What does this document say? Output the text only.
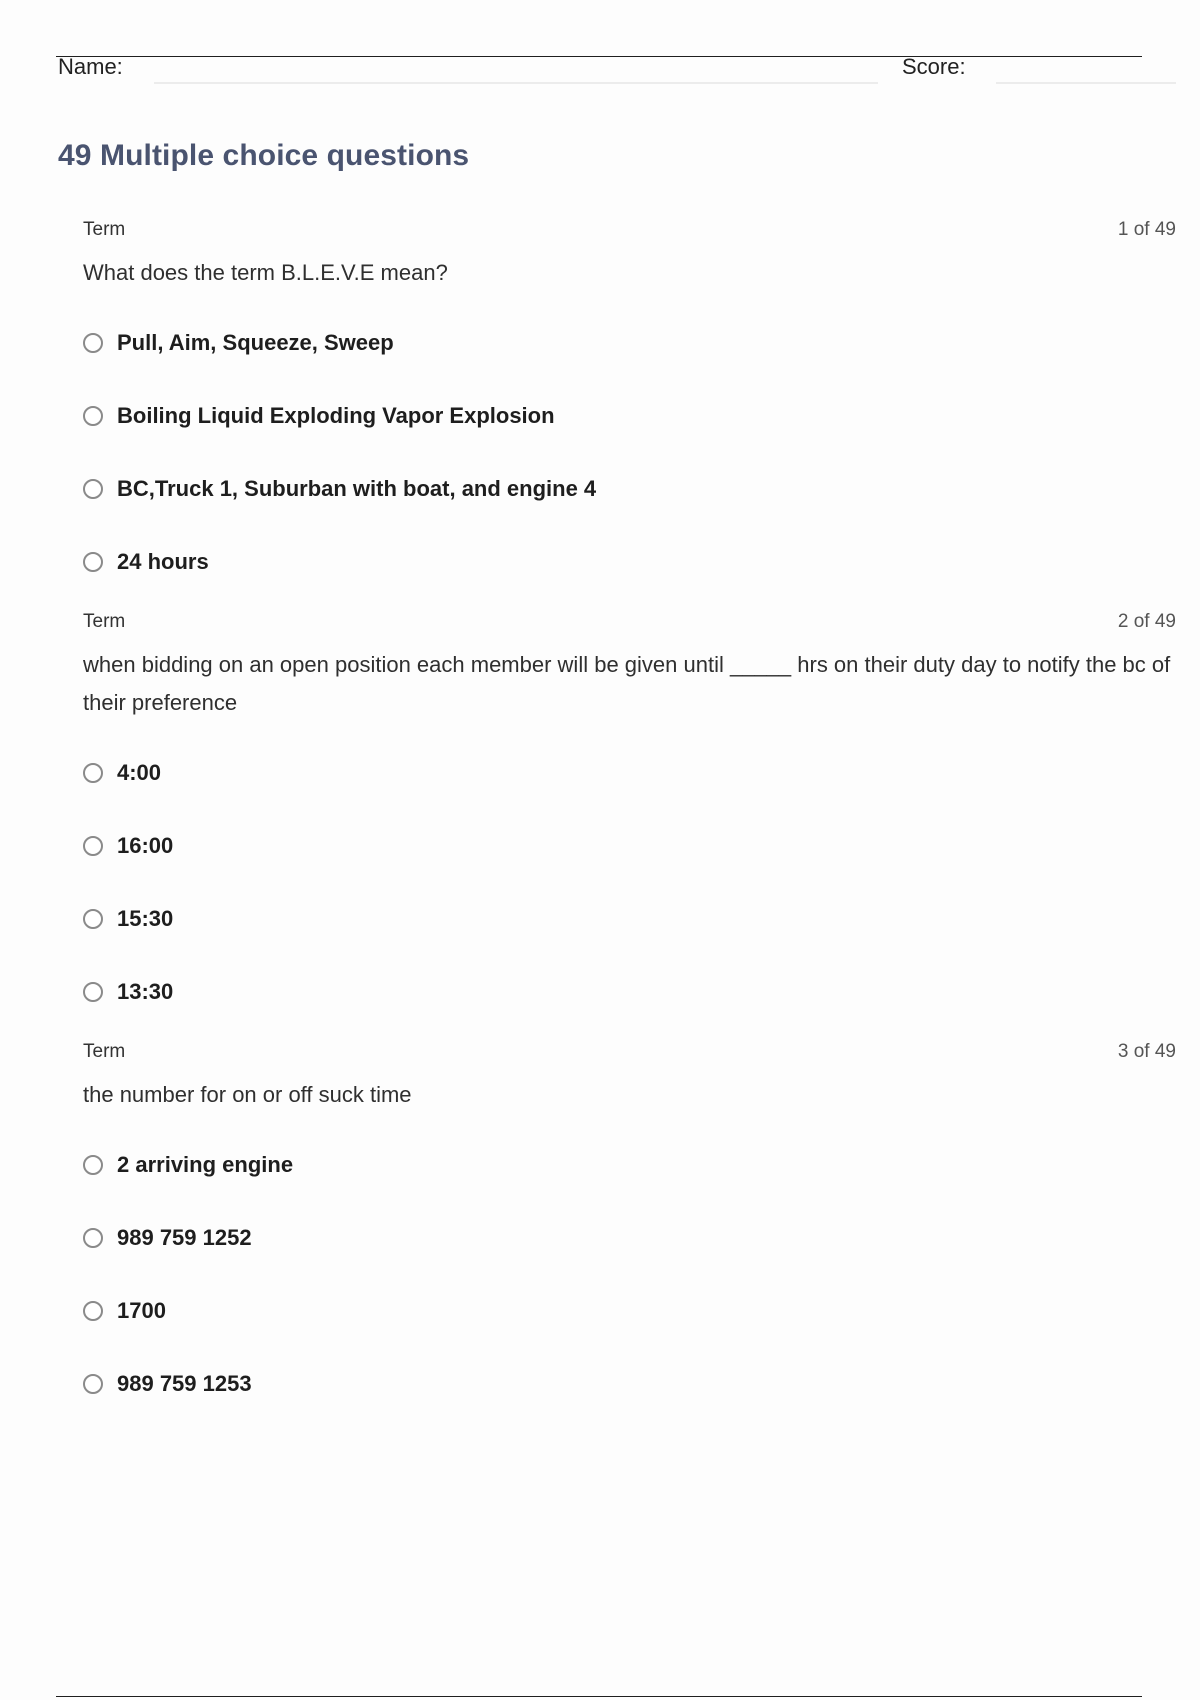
Name:	Score:
49 Multiple choice questions
Term	1 of 49
What does the term B.L.E.V.E mean?
Pull, Aim, Squeeze, Sweep
Boiling Liquid Exploding Vapor Explosion
BC,Truck 1, Suburban with boat, and engine 4
24 hours
Term	2 of 49
when bidding on an open position each member will be given until _____ hrs on their duty day to notify the bc of their preference
4:00
16:00
15:30
13:30
Term	3 of 49
the number for on or off suck time
2 arriving engine
989 759 1252
1700
989 759 1253
